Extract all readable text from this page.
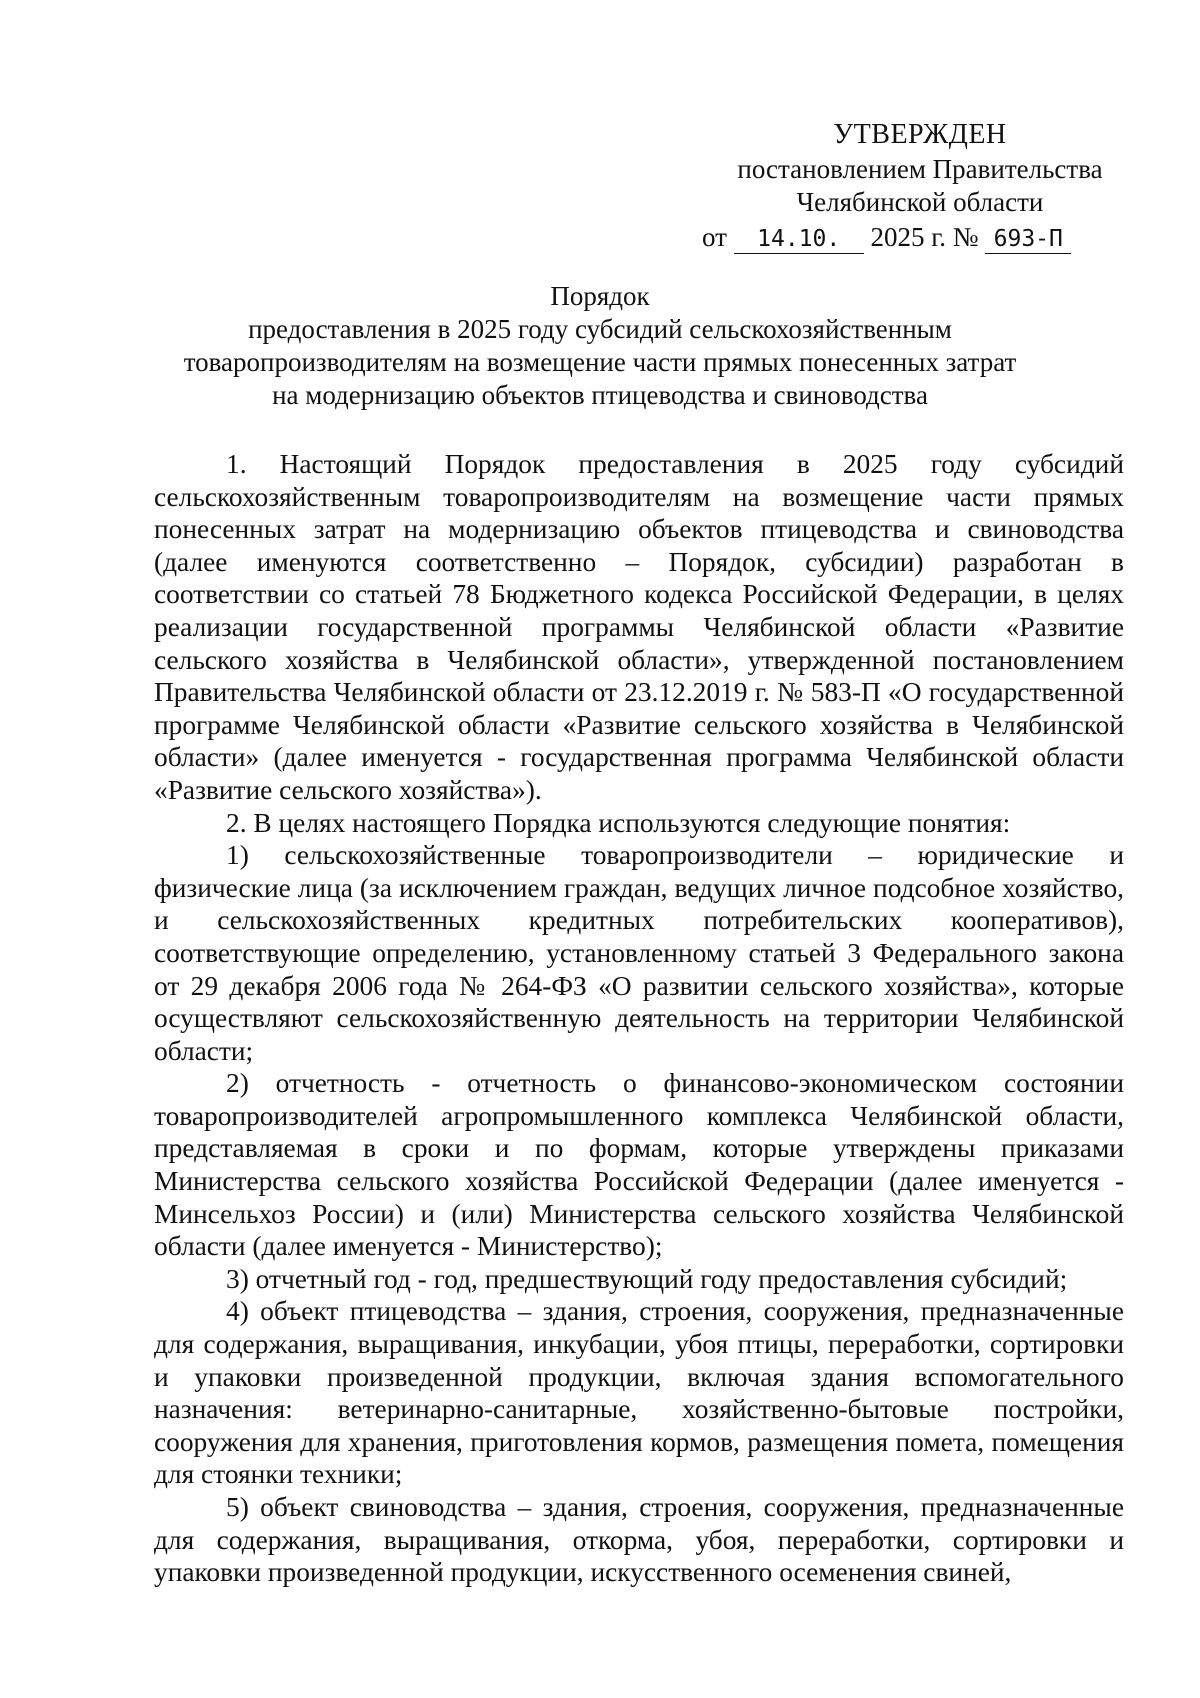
УТВЕРЖДЕН
постановлением Правительства
Челябинской области
от 14.10. 2025 г. № 693-П
Порядок
предоставления в 2025 году субсидий сельскохозяйственным
товаропроизводителям на возмещение части прямых понесенных затрат
на модернизацию объектов птицеводства и свиноводства

1. Настоящий Порядок предоставления в 2025 году субсидий сельскохозяйственным товаропроизводителям на возмещение части прямых понесенных затрат на модернизацию объектов птицеводства и свиноводства (далее именуются соответственно – Порядок, субсидии) разработан в соответствии со статьей 78 Бюджетного кодекса Российской Федерации, в целях реализации государственной программы Челябинской области «Развитие сельского хозяйства в Челябинской области», утвержденной постановлением Правительства Челябинской области от 23.12.2019 г. № 583-П «О государственной программе Челябинской области «Развитие сельского хозяйства в Челябинской области» (далее именуется - государственная программа Челябинской области «Развитие сельского хозяйства»).

2. В целях настоящего Порядка используются следующие понятия:

1) сельскохозяйственные товаропроизводители – юридические и физические лица (за исключением граждан, ведущих личное подсобное хозяйство, и сельскохозяйственных кредитных потребительских кооперативов), соответствующие определению, установленному статьей 3 Федерального закона от 29 декабря 2006 года № 264-ФЗ «О развитии сельского хозяйства», которые осуществляют сельскохозяйственную деятельность на территории Челябинской области;

2) отчетность - отчетность о финансово-экономическом состоянии товаропроизводителей агропромышленного комплекса Челябинской области, представляемая в сроки и по формам, которые утверждены приказами Министерства сельского хозяйства Российской Федерации (далее именуется - Минсельхоз России) и (или) Министерства сельского хозяйства Челябинской области (далее именуется - Министерство);

3) отчетный год - год, предшествующий году предоставления субсидий;

4) объект птицеводства – здания, строения, сооружения, предназначенные для содержания, выращивания, инкубации, убоя птицы, переработки, сортировки и упаковки произведенной продукции, включая здания вспомогательного назначения: ветеринарно-санитарные, хозяйственно-бытовые постройки, сооружения для хранения, приготовления кормов, размещения помета, помещения для стоянки техники;

5) объект свиноводства – здания, строения, сооружения, предназначенные для содержания, выращивания, откорма, убоя, переработки, сортировки и упаковки произведенной продукции, искусственного осеменения свиней,
